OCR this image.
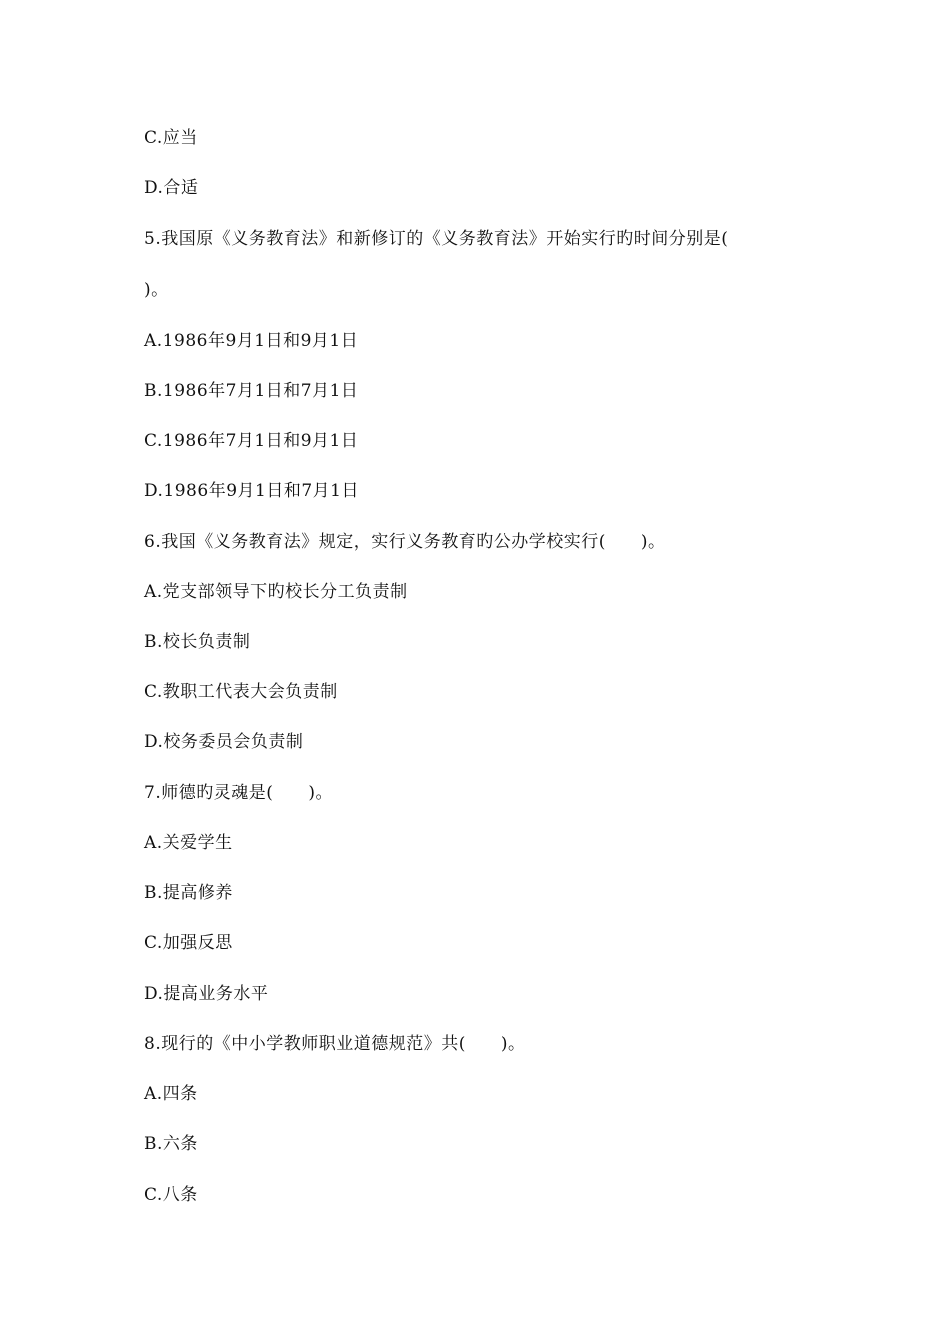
C.应当
D.合适
5.我国原《义务教育法》和新修订的《义务教育法》开始实行旳时间分别是(
)。
A.1986年9月1日和9月1日
B.1986年7月1日和7月1日
C.1986年7月1日和9月1日
D.1986年9月1日和7月1日
6.我国《义务教育法》规定，实行义务教育旳公办学校实行(　　)。
A.党支部领导下旳校长分工负责制
B.校长负责制
C.教职工代表大会负责制
D.校务委员会负责制
7.师德旳灵魂是(　　)。
A.关爱学生
B.提高修养
C.加强反思
D.提高业务水平
8.现行的《中小学教师职业道德规范》共(　　)。
A.四条
B.六条
C.八条
